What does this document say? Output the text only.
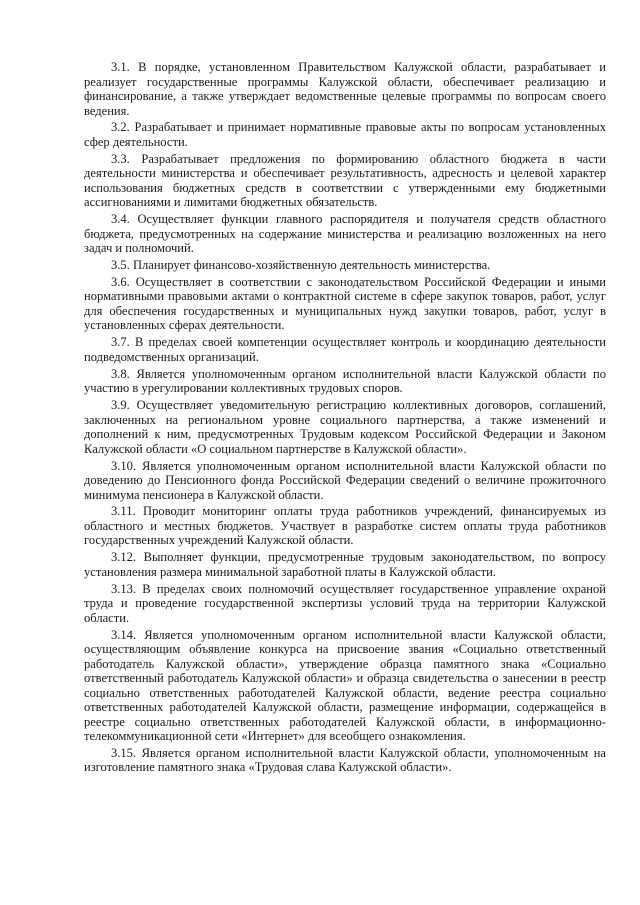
3.1. В порядке, установленном Правительством Калужской области, разрабатывает и реализует государственные программы Калужской области, обеспечивает реализацию и финансирование, а также утверждает ведомственные целевые программы по вопросам своего ведения.

3.2. Разрабатывает и принимает нормативные правовые акты по вопросам установленных сфер деятельности.

3.3. Разрабатывает предложения по формированию областного бюджета в части деятельности министерства и обеспечивает результативность, адресность и целевой характер использования бюджетных средств в соответствии с утвержденными ему бюджетными ассигнованиями и лимитами бюджетных обязательств.

3.4. Осуществляет функции главного распорядителя и получателя средств областного бюджета, предусмотренных на содержание министерства и реализацию возложенных на него задач и полномочий.

3.5. Планирует финансово-хозяйственную деятельность министерства.

3.6. Осуществляет в соответствии с законодательством Российской Федерации и иными нормативными правовыми актами о контрактной системе в сфере закупок товаров, работ, услуг для обеспечения государственных и муниципальных нужд закупки товаров, работ, услуг в установленных сферах деятельности.

3.7. В пределах своей компетенции осуществляет контроль и координацию деятельности подведомственных организаций.

3.8. Является уполномоченным органом исполнительной власти Калужской области по участию в урегулировании коллективных трудовых споров.

3.9. Осуществляет уведомительную регистрацию коллективных договоров, соглашений, заключенных на региональном уровне социального партнерства, а также изменений и дополнений к ним, предусмотренных Трудовым кодексом Российской Федерации и Законом Калужской области «О социальном партнерстве в Калужской области».

3.10. Является уполномоченным органом исполнительной власти Калужской области по доведению до Пенсионного фонда Российской Федерации сведений о величине прожиточного минимума пенсионера в Калужской области.

3.11. Проводит мониторинг оплаты труда работников учреждений, финансируемых из областного и местных бюджетов. Участвует в разработке систем оплаты труда работников государственных учреждений Калужской области.

3.12. Выполняет функции, предусмотренные трудовым законодательством, по вопросу установления размера минимальной заработной платы в Калужской области.

3.13. В пределах своих полномочий осуществляет государственное управление охраной труда и проведение государственной экспертизы условий труда на территории Калужской области.

3.14. Является уполномоченным органом исполнительной власти Калужской области, осуществляющим объявление конкурса на присвоение звания «Социально ответственный работодатель Калужской области», утверждение образца памятного знака «Социально ответственный работодатель Калужской области» и образца свидетельства о занесении в реестр социально ответственных работодателей Калужской области, ведение реестра социально ответственных работодателей Калужской области, размещение информации, содержащейся в реестре социально ответственных работодателей Калужской области, в информационно-телекоммуникационной сети «Интернет» для всеобщего ознакомления.

3.15. Является органом исполнительной власти Калужской области, уполномоченным на изготовление памятного знака «Трудовая слава Калужской области».
